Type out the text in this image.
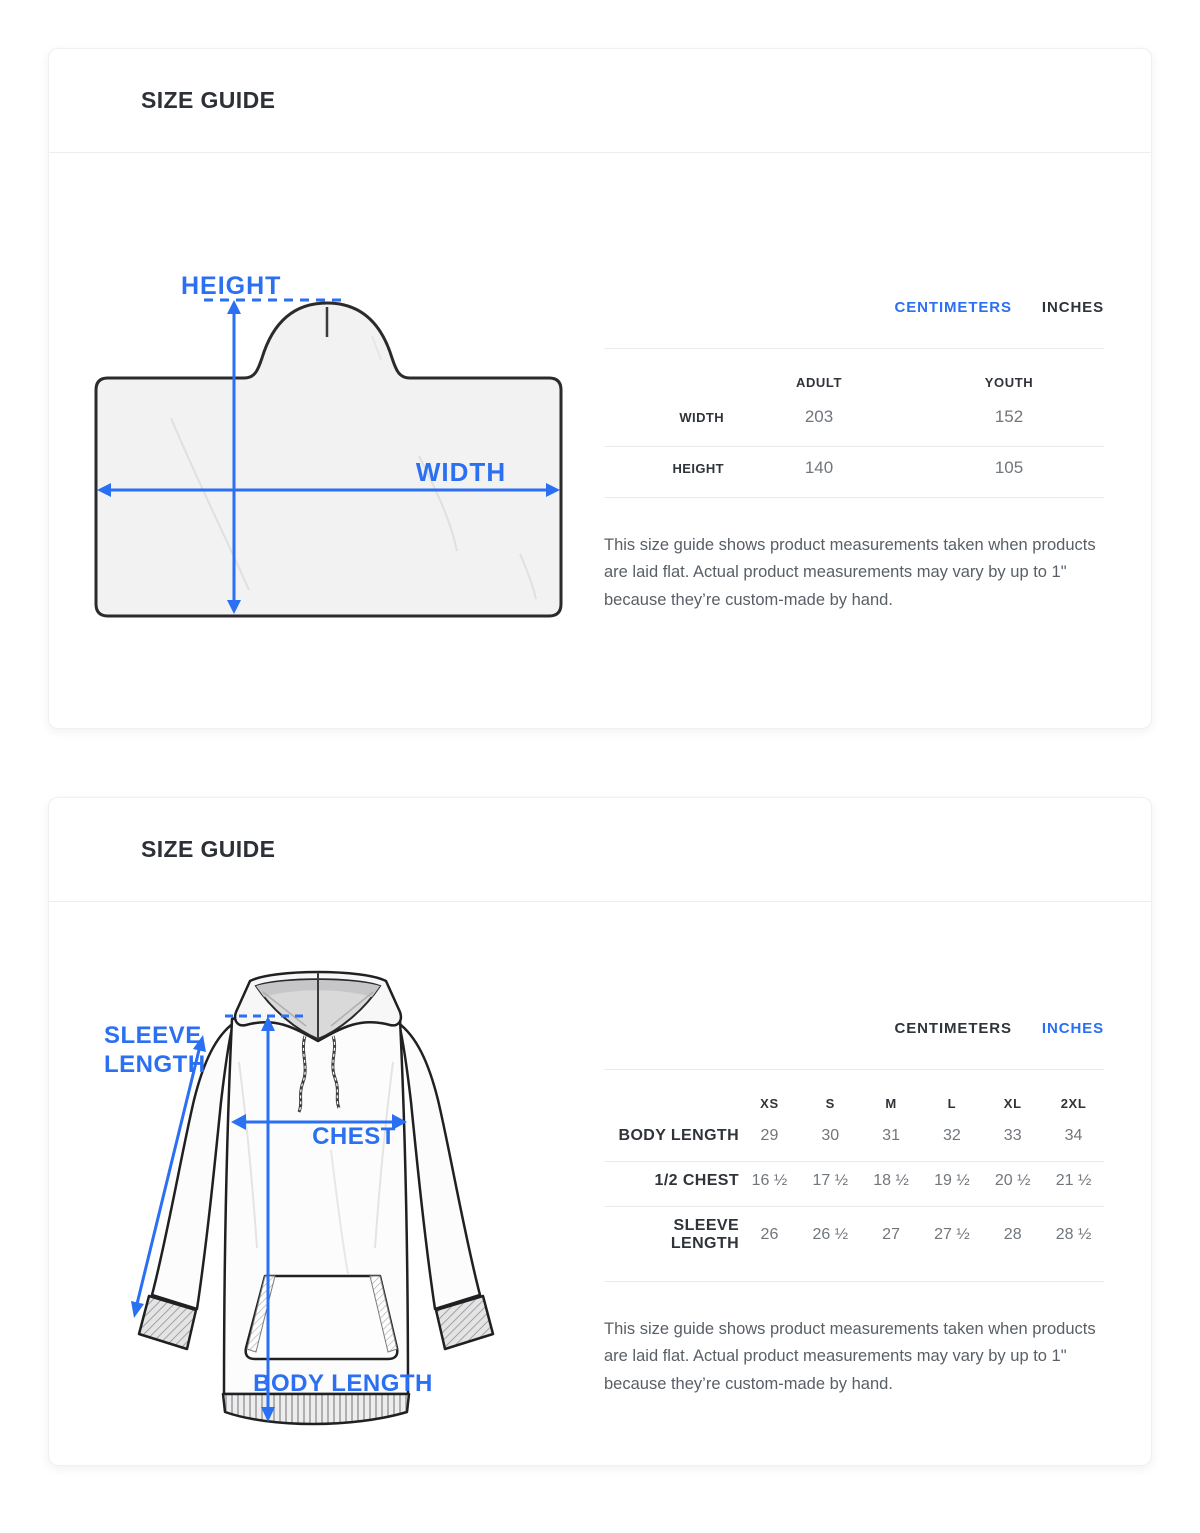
SIZE GUIDE
HEIGHT
WIDTH
CENTIMETERS INCHES
	ADULT	YOUTH
WIDTH	203	152
HEIGHT	140	105

This size guide shows product measurements taken when products are laid flat. Actual product measurements may vary by up to 1" because they’re custom-made by hand.

SIZE GUIDE
SLEEVE
LENGTH
CHEST
BODY LENGTH
CENTIMETERS INCHES
	XS	S	M	L	XL	2XL
BODY LENGTH	29	30	31	32	33	34
1/2 CHEST	16 ½	17 ½	18 ½	19 ½	20 ½	21 ½
SLEEVE LENGTH	26	26 ½	27	27 ½	28	28 ½

This size guide shows product measurements taken when products are laid flat. Actual product measurements may vary by up to 1" because they’re custom-made by hand.
